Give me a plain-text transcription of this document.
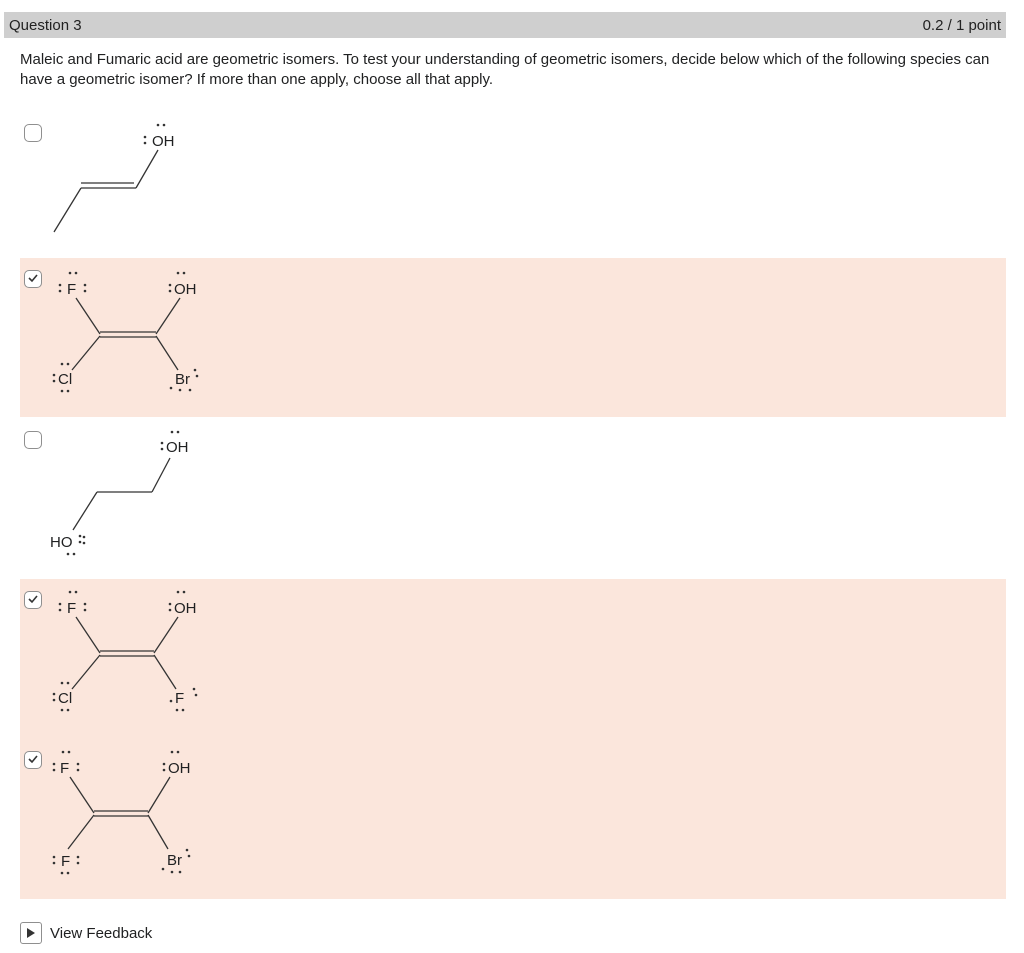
Question 3	0.2 / 1 point
Maleic and Fumaric acid are geometric isomers. To test your understanding of geometric isomers, decide below which of the following species can have a geometric isomer? If more than one apply, choose all that apply.
OH
F	OH
Cl	Br
OH
HO
F	OH
Cl	F
F	OH
F	Br
View Feedback
